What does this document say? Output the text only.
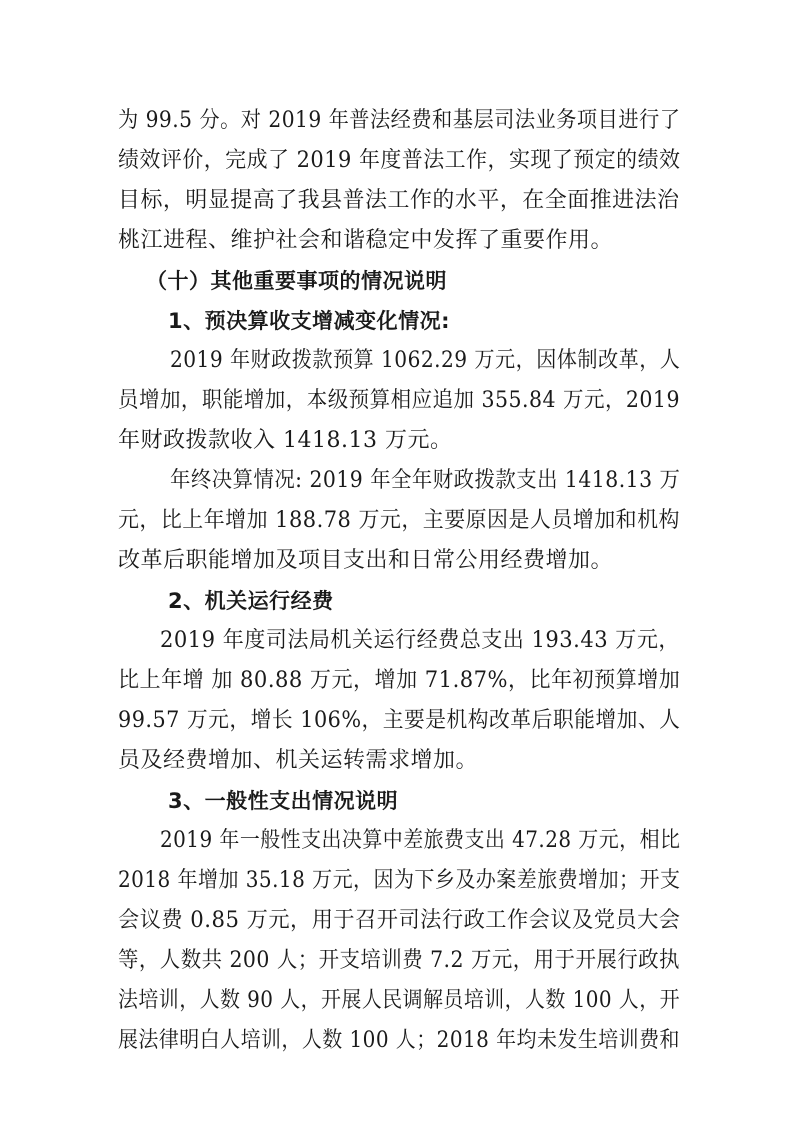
为 99.5 分。对 2019 年普法经费和基层司法业务项目进行了
绩效评价，完成了 2019 年度普法工作，实现了预定的绩效
目标，明显提高了我县普法工作的水平，在全面推进法治
桃江进程、维护社会和谐稳定中发挥了重要作用。
（十）其他重要事项的情况说明
1、预决算收支增减变化情况:
2019 年财政拨款预算 1062.29 万元，因体制改革，人
员增加，职能增加，本级预算相应追加 355.84 万元，2019
年财政拨款收入 1418.13 万元。
年终决算情况: 2019 年全年财政拨款支出 1418.13 万
元，比上年增加 188.78 万元，主要原因是人员增加和机构
改革后职能增加及项目支出和日常公用经费增加。
2、机关运行经费
2019 年度司法局机关运行经费总支出 193.43 万元，
比上年增 加 80.88 万元，增加 71.87%，比年初预算增加
99.57 万元，增长 106%，主要是机构改革后职能增加、人
员及经费增加、机关运转需求增加。
3、一般性支出情况说明
2019 年一般性支出决算中差旅费支出 47.28 万元，相比
2018 年增加 35.18 万元，因为下乡及办案差旅费增加；开支
会议费 0.85 万元，用于召开司法行政工作会议及党员大会
等，人数共 200 人；开支培训费 7.2 万元，用于开展行政执
法培训，人数 90 人，开展人民调解员培训，人数 100 人，开
展法律明白人培训，人数 100 人；2018 年均未发生培训费和
